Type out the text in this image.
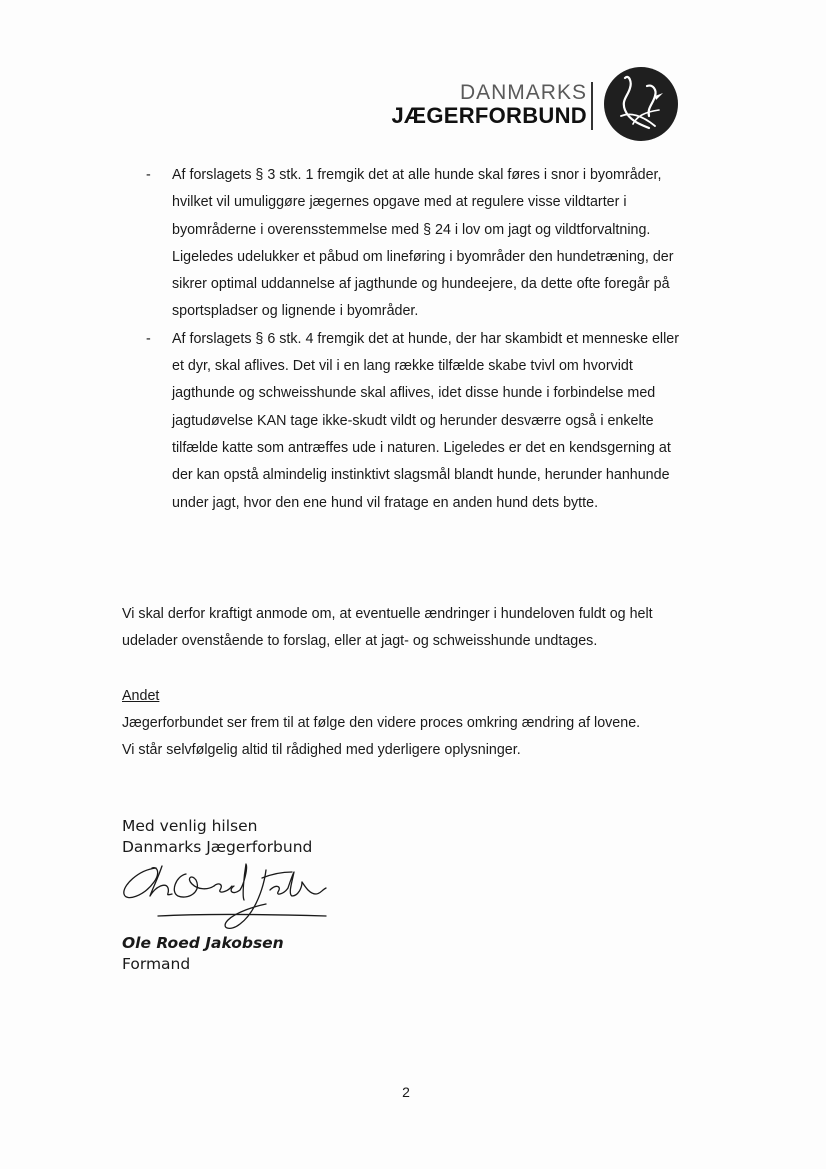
DANMARKS
JÆGERFORBUND
- Af forslagets § 3 stk. 1 fremgik det at alle hunde skal føres i snor i byområder, hvilket vil umuliggøre jægernes opgave med at regulere visse vildtarter i byområderne i overensstemmelse med § 24 i lov om jagt og vildtforvaltning. Ligeledes udelukker et påbud om lineføring i byområder den hundetræning, der sikrer optimal uddannelse af jagthunde og hundeejere, da dette ofte foregår på sportspladser og lignende i byområder.
- Af forslagets § 6 stk. 4 fremgik det at hunde, der har skambidt et menneske eller et dyr, skal aflives. Det vil i en lang række tilfælde skabe tvivl om hvorvidt jagthunde og schweisshunde skal aflives, idet disse hunde i forbindelse med jagtudøvelse KAN tage ikke-skudt vildt og herunder desværre også i enkelte tilfælde katte som antræffes ude i naturen. Ligeledes er det en kendsgerning at der kan opstå almindelig instinktivt slagsmål blandt hunde, herunder hanhunde under jagt, hvor den ene hund vil fratage en anden hund dets bytte.

Vi skal derfor kraftigt anmode om, at eventuelle ændringer i hundeloven fuldt og helt udelader ovenstående to forslag, eller at jagt- og schweisshunde undtages.

Andet

Jægerforbundet ser frem til at følge den videre proces omkring ændring af lovene.
Vi står selvfølgelig altid til rådighed med yderligere oplysninger.

Med venlig hilsen
Danmarks Jægerforbund
Ole Roed Jakobsen
Formand
2
